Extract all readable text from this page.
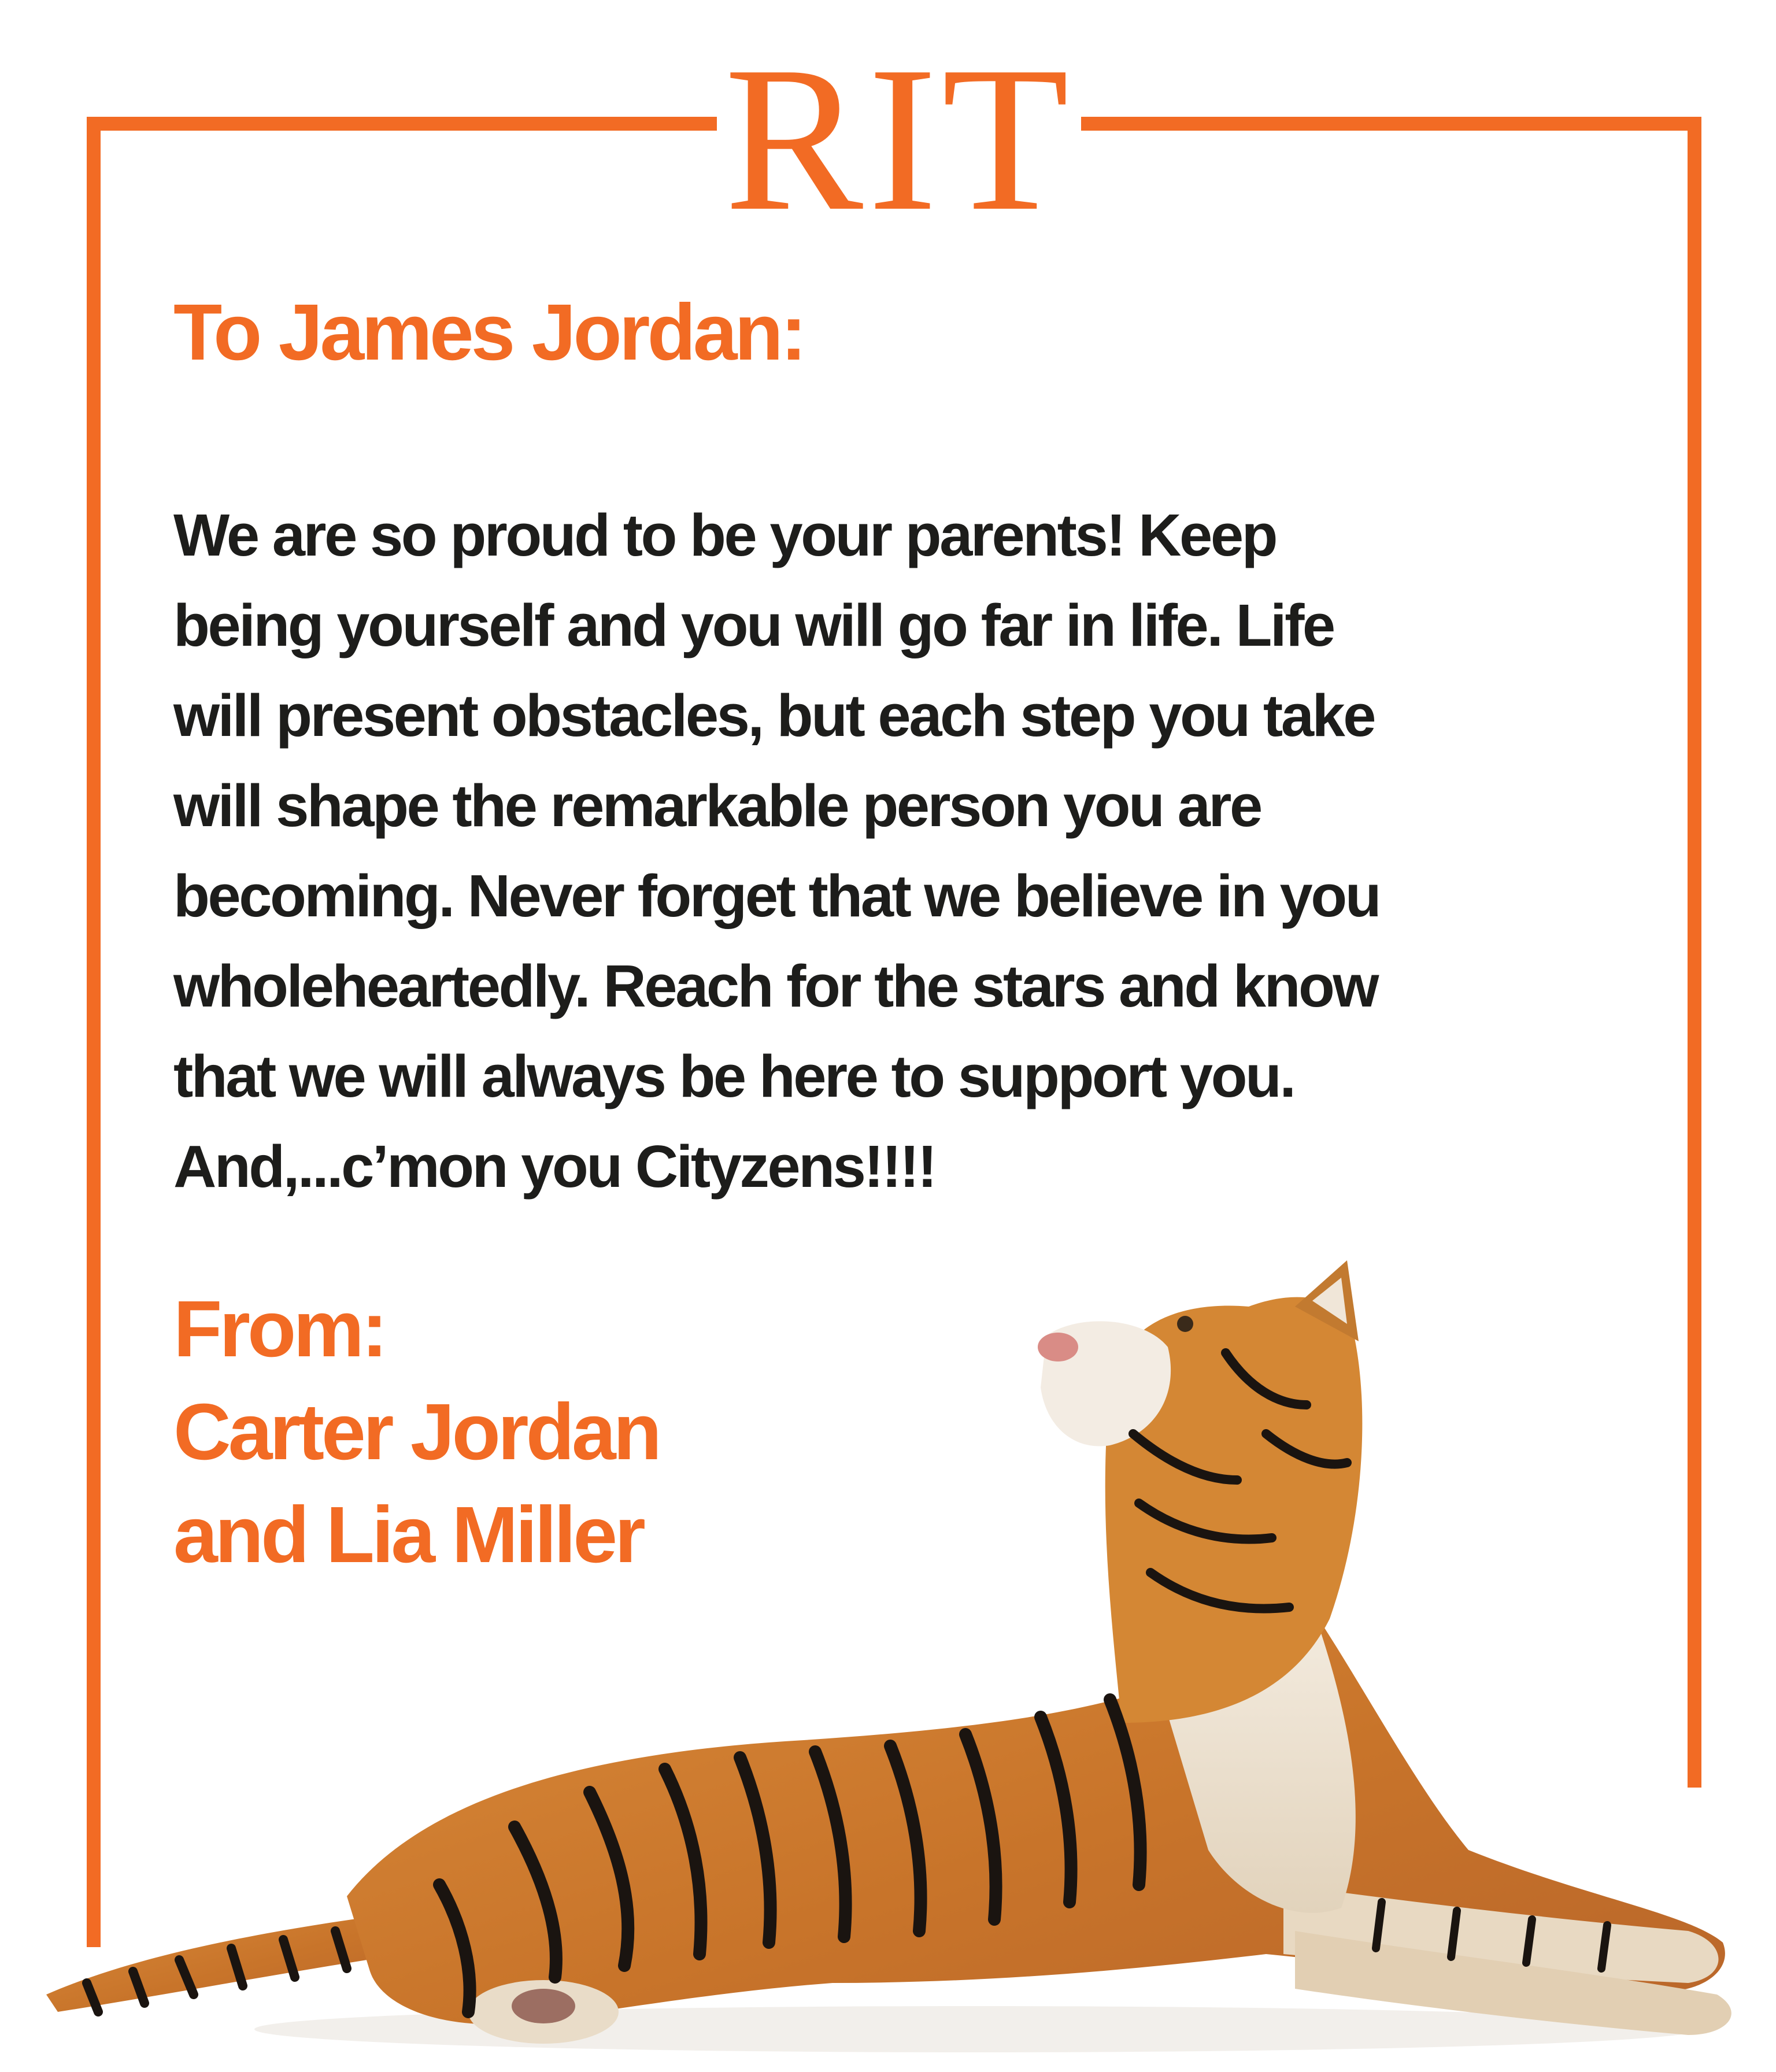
RIT
To James Jordan:
We are so proud to be your parents! Keep
being yourself and you will go far in life. Life
will present obstacles, but each step you take
will shape the remarkable person you are
becoming. Never forget that we believe in you
wholeheartedly. Reach for the stars and know
that we will always be here to support you.
And,...c’mon you Cityzens!!!!
From:
Carter Jordan
and Lia Miller
